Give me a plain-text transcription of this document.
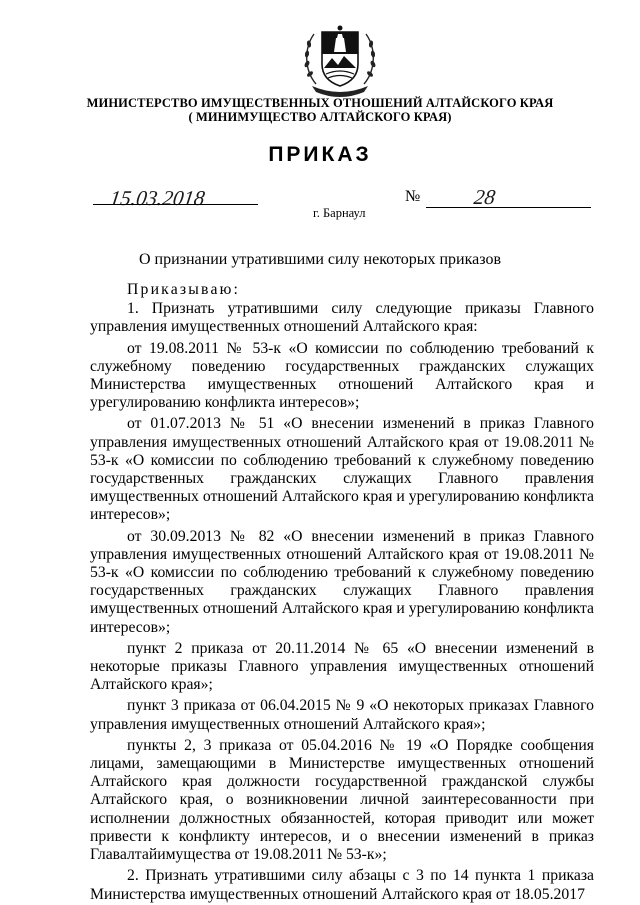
МИНИСТЕРСТВО ИМУЩЕСТВЕННЫХ ОТНОШЕНИЙ АЛТАЙСКОГО КРАЯ
( МИНИМУЩЕСТВО АЛТАЙСКОГО КРАЯ)
ПРИКАЗ
15.03.2018	№ 28
г. Барнаул
О признании утратившими силу некоторых приказов

Приказываю:

1. Признать утратившими силу следующие приказы Главного управления имущественных отношений Алтайского края:

от 19.08.2011 № 53-к «О комиссии по соблюдению требований к служебному поведению государственных гражданских служащих Министерства имущественных отношений Алтайского края и урегулированию конфликта интересов»;

от 01.07.2013 № 51 «О внесении изменений в приказ Главного управления имущественных отношений Алтайского края от 19.08.2011 № 53-к «О комиссии по соблюдению требований к служебному поведению государственных гражданских служащих Главного правления имущественных отношений Алтайского края и урегулированию конфликта интересов»;

от 30.09.2013 № 82 «О внесении изменений в приказ Главного управления имущественных отношений Алтайского края от 19.08.2011 № 53-к «О комиссии по соблюдению требований к служебному поведению государственных гражданских служащих Главного правления имущественных отношений Алтайского края и урегулированию конфликта интересов»;

пункт 2 приказа от 20.11.2014 № 65 «О внесении изменений в некоторые приказы Главного управления имущественных отношений Алтайского края»;

пункт 3 приказа от 06.04.2015 № 9 «О некоторых приказах Главного управления имущественных отношений Алтайского края»;

пункты 2, 3 приказа от 05.04.2016 № 19 «О Порядке сообщения лицами, замещающими в Министерстве имущественных отношений Алтайского края должности государственной гражданской службы Алтайского края, о возникновении личной заинтересованности при исполнении должностных обязанностей, которая приводит или может привести к конфликту интересов, и о внесении изменений в приказ Главалтайимущества от 19.08.2011 № 53-к»;

2. Признать утратившими силу абзацы с 3 по 14 пункта 1 приказа Министерства имущественных отношений Алтайского края от 18.05.2017
